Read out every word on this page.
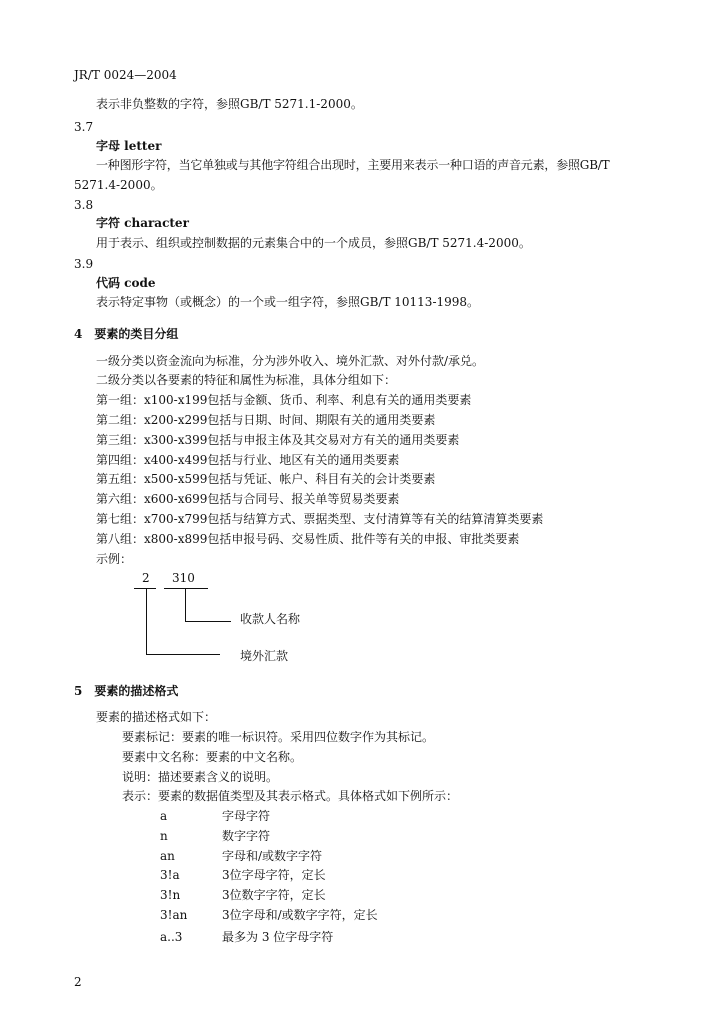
JR/T 0024—2004
表示非负整数的字符，参照GB/T 5271.1-2000。
3.7
字母 letter
一种图形字符，当它单独或与其他字符组合出现时，主要用来表示一种口语的声音元素，参照GB/T
5271.4-2000。
3.8
字符 character
用于表示、组织或控制数据的元素集合中的一个成员，参照GB/T 5271.4-2000。
3.9
代码 code
表示特定事物（或概念）的一个或一组字符，参照GB/T 10113-1998。
4　要素的类目分组
一级分类以资金流向为标准，分为涉外收入、境外汇款、对外付款/承兑。
二级分类以各要素的特征和属性为标准，具体分组如下：
第一组：x100-x199包括与金额、货币、利率、利息有关的通用类要素
第二组：x200-x299包括与日期、时间、期限有关的通用类要素
第三组：x300-x399包括与申报主体及其交易对方有关的通用类要素
第四组：x400-x499包括与行业、地区有关的通用类要素
第五组：x500-x599包括与凭证、帐户、科目有关的会计类要素
第六组：x600-x699包括与合同号、报关单等贸易类要素
第七组：x700-x799包括与结算方式、票据类型、支付清算等有关的结算清算类要素
第八组：x800-x899包括申报号码、交易性质、批件等有关的申报、审批类要素
示例：
2 310
收款人名称
境外汇款
5　要素的描述格式
要素的描述格式如下：
要素标记：要素的唯一标识符。采用四位数字作为其标记。
要素中文名称：要素的中文名称。
说明：描述要素含义的说明。
表示：要素的数据值类型及其表示格式。具体格式如下例所示：
a	字母字符
n	数字字符
an	字母和/或数字字符
3!a	3位字母字符，定长
3!n	3位数字字符，定长
3!an	3位字母和/或数字字符，定长
a..3	最多为 3 位字母字符
2
